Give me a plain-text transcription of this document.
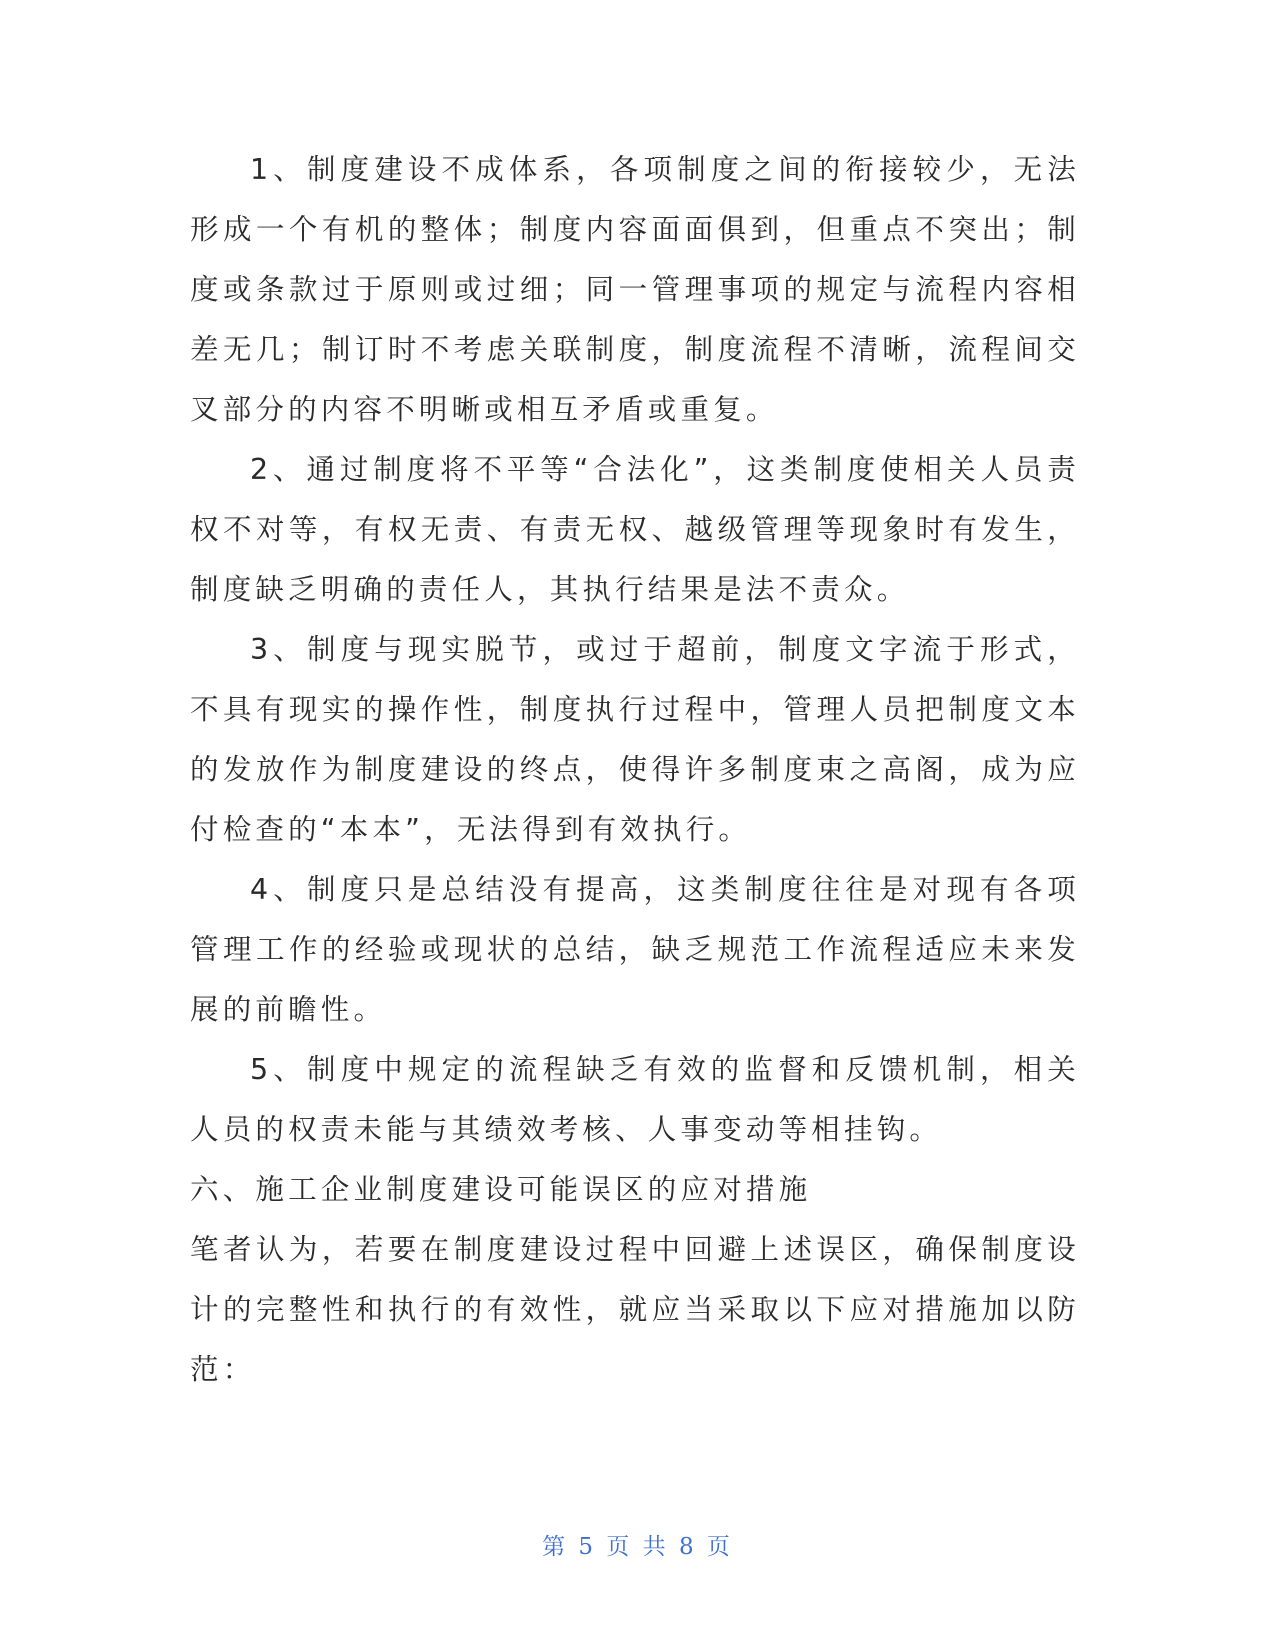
1、制度建设不成体系，各项制度之间的衔接较少，无法形成一个有机的整体；制度内容面面俱到，但重点不突出；制度或条款过于原则或过细；同一管理事项的规定与流程内容相差无几；制订时不考虑关联制度，制度流程不清晰，流程间交叉部分的内容不明晰或相互矛盾或重复。

2、通过制度将不平等“合法化”，这类制度使相关人员责权不对等，有权无责、有责无权、越级管理等现象时有发生，制度缺乏明确的责任人，其执行结果是法不责众。

3、制度与现实脱节，或过于超前，制度文字流于形式，不具有现实的操作性，制度执行过程中，管理人员把制度文本的发放作为制度建设的终点，使得许多制度束之高阁，成为应付检查的“本本”，无法得到有效执行。

4、制度只是总结没有提高，这类制度往往是对现有各项管理工作的经验或现状的总结，缺乏规范工作流程适应未来发展的前瞻性。

5、制度中规定的流程缺乏有效的监督和反馈机制，相关人员的权责未能与其绩效考核、人事变动等相挂钩。

六、施工企业制度建设可能误区的应对措施

笔者认为，若要在制度建设过程中回避上述误区，确保制度设计的完整性和执行的有效性，就应当采取以下应对措施加以防范：

第 5 页 共 8 页
